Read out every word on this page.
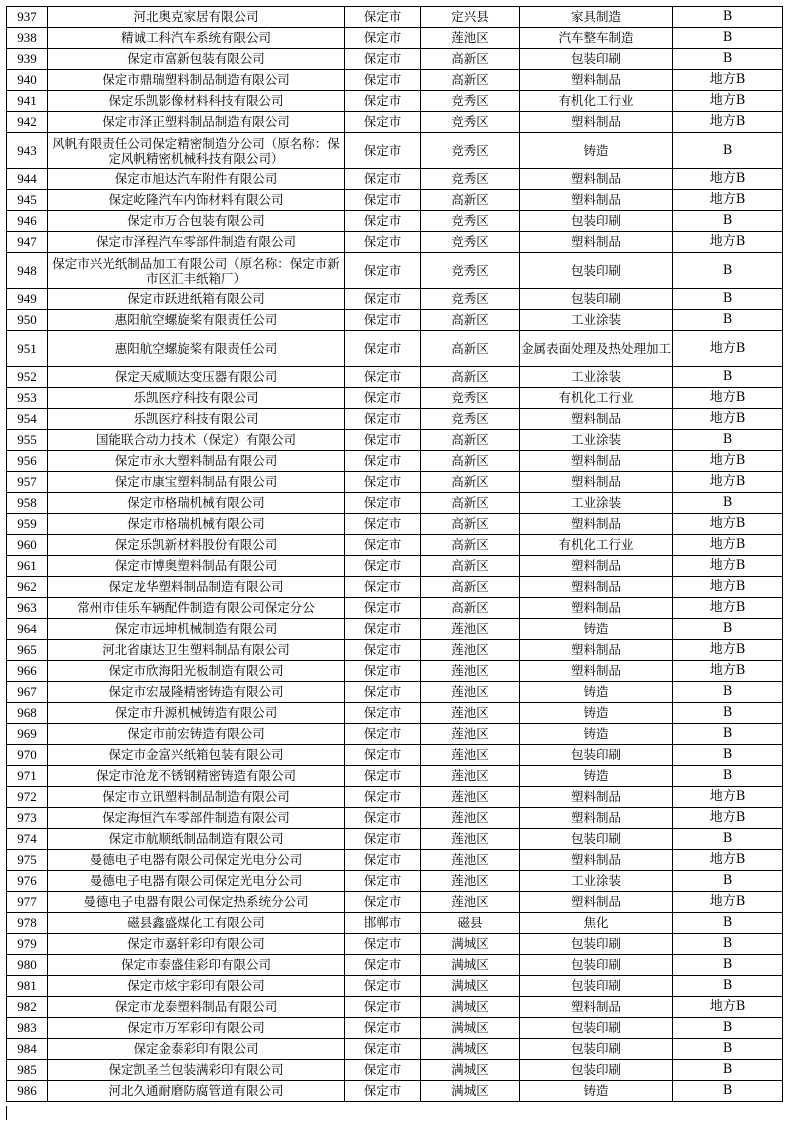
937	河北奥克家居有限公司	保定市	定兴县	家具制造	B
938	精诚工科汽车系统有限公司	保定市	莲池区	汽车整车制造	B
939	保定市富新包装有限公司	保定市	高新区	包装印刷	B
940	保定市鼎瑞塑料制品制造有限公司	保定市	高新区	塑料制品	地方B
941	保定乐凯影像材料科技有限公司	保定市	竞秀区	有机化工行业	地方B
942	保定市泽正塑料制品制造有限公司	保定市	竞秀区	塑料制品	地方B
943	风帆有限责任公司保定精密制造分公司（原名称：保定风帆精密机械科技有限公司）	保定市	竞秀区	铸造	B
944	保定市旭达汽车附件有限公司	保定市	竞秀区	塑料制品	地方B
945	保定屹隆汽车内饰材料有限公司	保定市	高新区	塑料制品	地方B
946	保定市万合包装有限公司	保定市	竞秀区	包装印刷	B
947	保定市泽程汽车零部件制造有限公司	保定市	竞秀区	塑料制品	地方B
948	保定市兴光纸制品加工有限公司（原名称：保定市新市区汇丰纸箱厂）	保定市	竞秀区	包装印刷	B
949	保定市跃进纸箱有限公司	保定市	竞秀区	包装印刷	B
950	惠阳航空螺旋桨有限责任公司	保定市	高新区	工业涂装	B
951	惠阳航空螺旋桨有限责任公司	保定市	高新区	金属表面处理及热处理加工	地方B
952	保定天威顺达变压器有限公司	保定市	高新区	工业涂装	B
953	乐凯医疗科技有限公司	保定市	竞秀区	有机化工行业	地方B
954	乐凯医疗科技有限公司	保定市	竞秀区	塑料制品	地方B
955	国能联合动力技术（保定）有限公司	保定市	高新区	工业涂装	B
956	保定市永大塑料制品有限公司	保定市	高新区	塑料制品	地方B
957	保定市康宝塑料制品有限公司	保定市	高新区	塑料制品	地方B
958	保定市格瑞机械有限公司	保定市	高新区	工业涂装	B
959	保定市格瑞机械有限公司	保定市	高新区	塑料制品	地方B
960	保定乐凯新材料股份有限公司	保定市	高新区	有机化工行业	地方B
961	保定市博奥塑料制品有限公司	保定市	高新区	塑料制品	地方B
962	保定龙华塑料制品制造有限公司	保定市	高新区	塑料制品	地方B
963	常州市佳乐车辆配件制造有限公司保定分公	保定市	高新区	塑料制品	地方B
964	保定市远坤机械制造有限公司	保定市	莲池区	铸造	B
965	河北省康达卫生塑料制品有限公司	保定市	莲池区	塑料制品	地方B
966	保定市欣海阳光板制造有限公司	保定市	莲池区	塑料制品	地方B
967	保定市宏晟隆精密铸造有限公司	保定市	莲池区	铸造	B
968	保定市升源机械铸造有限公司	保定市	莲池区	铸造	B
969	保定市前宏铸造有限公司	保定市	莲池区	铸造	B
970	保定市金富兴纸箱包装有限公司	保定市	莲池区	包装印刷	B
971	保定市沧龙不锈钢精密铸造有限公司	保定市	莲池区	铸造	B
972	保定市立讯塑料制品制造有限公司	保定市	莲池区	塑料制品	地方B
973	保定海恒汽车零部件制造有限公司	保定市	莲池区	塑料制品	地方B
974	保定市航顺纸制品制造有限公司	保定市	莲池区	包装印刷	B
975	曼德电子电器有限公司保定光电分公司	保定市	莲池区	塑料制品	地方B
976	曼德电子电器有限公司保定光电分公司	保定市	莲池区	工业涂装	B
977	曼德电子电器有限公司保定热系统分公司	保定市	莲池区	塑料制品	地方B
978	磁县鑫盛煤化工有限公司	邯郸市	磁县	焦化	B
979	保定市嘉轩彩印有限公司	保定市	满城区	包装印刷	B
980	保定市泰盛佳彩印有限公司	保定市	满城区	包装印刷	B
981	保定市炫宇彩印有限公司	保定市	满城区	包装印刷	B
982	保定市龙泰塑料制品有限公司	保定市	满城区	塑料制品	地方B
983	保定市万军彩印有限公司	保定市	满城区	包装印刷	B
984	保定金泰彩印有限公司	保定市	满城区	包装印刷	B
985	保定凯圣兰包装满彩印有限公司	保定市	满城区	包装印刷	B
986	河北久通耐磨防腐管道有限公司	保定市	满城区	铸造	B
